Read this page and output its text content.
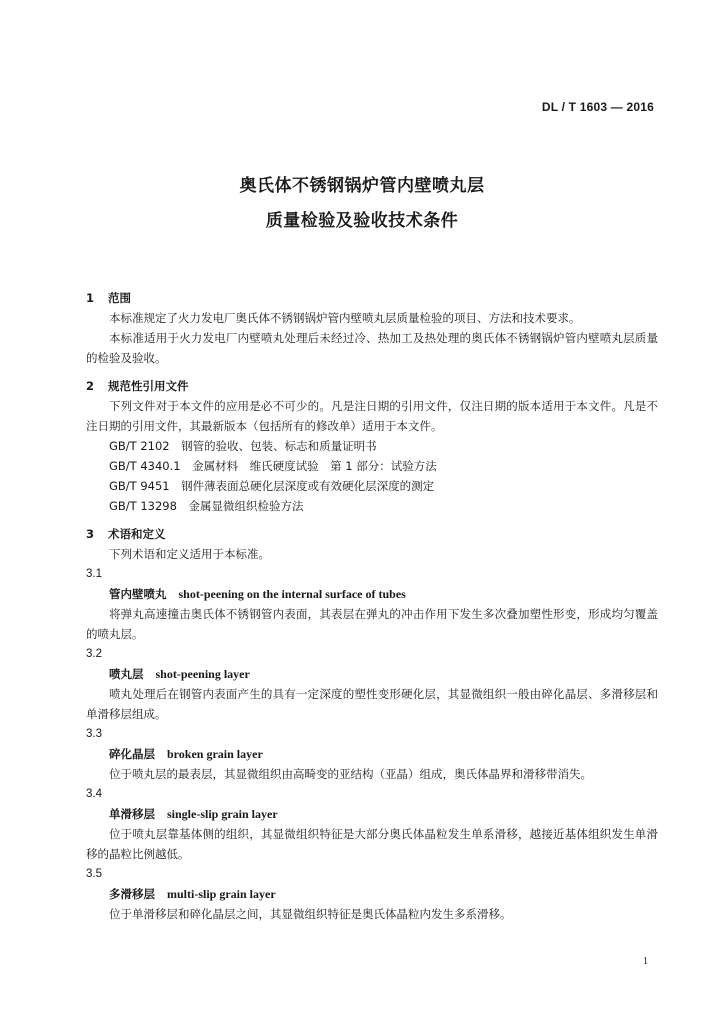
DL / T 1603 — 2016
奥氏体不锈钢锅炉管内壁喷丸层
质量检验及验收技术条件

1 范围

本标准规定了火力发电厂奥氏体不锈钢锅炉管内壁喷丸层质量检验的项目、方法和技术要求。

本标准适用于火力发电厂内壁喷丸处理后未经过冷、热加工及热处理的奥氏体不锈钢锅炉管内壁喷丸层质量的检验及验收。

2 规范性引用文件

下列文件对于本文件的应用是必不可少的。凡是注日期的引用文件，仅注日期的版本适用于本文件。凡是不注日期的引用文件，其最新版本（包括所有的修改单）适用于本文件。

GB/T 2102　钢管的验收、包装、标志和质量证明书

GB/T 4340.1　金属材料　维氏硬度试验　第 1 部分：试验方法

GB/T 9451　钢件薄表面总硬化层深度或有效硬化层深度的测定

GB/T 13298　金属显微组织检验方法

3 术语和定义

下列术语和定义适用于本标准。

3.1

管内壁喷丸 shot-peening on the internal surface of tubes

将弹丸高速撞击奥氏体不锈钢管内表面，其表层在弹丸的冲击作用下发生多次叠加塑性形变，形成均匀覆盖的喷丸层。

3.2

喷丸层 shot-peening layer

喷丸处理后在钢管内表面产生的具有一定深度的塑性变形硬化层，其显微组织一般由碎化晶层、多滑移层和单滑移层组成。

3.3

碎化晶层 broken grain layer

位于喷丸层的最表层，其显微组织由高畸变的亚结构（亚晶）组成，奥氏体晶界和滑移带消失。

3.4

单滑移层 single-slip grain layer

位于喷丸层靠基体侧的组织，其显微组织特征是大部分奥氏体晶粒发生单系滑移，越接近基体组织发生单滑移的晶粒比例越低。

3.5

多滑移层 multi-slip grain layer

位于单滑移层和碎化晶层之间，其显微组织特征是奥氏体晶粒内发生多系滑移。

1
